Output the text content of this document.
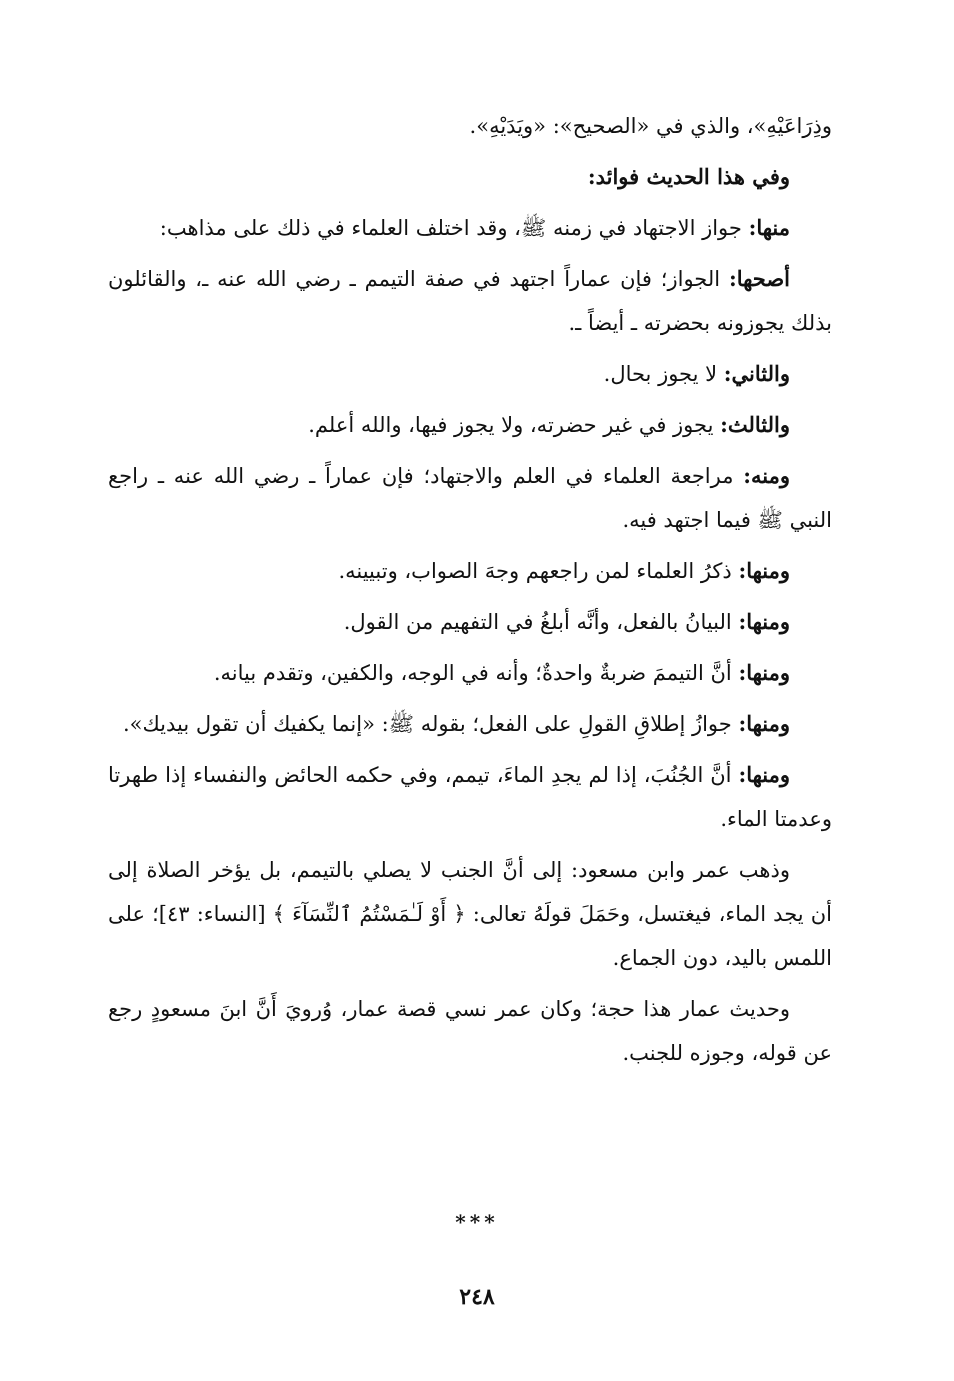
وذِرَاعَيْهِ»، والذي في «الصحيح»: «ويَدَيْهِ».

وفي هذا الحديث فوائد:

منها: جواز الاجتهاد في زمنه ﷺ، وقد اختلف العلماء في ذلك على مذاهب:

أصحها: الجواز؛ فإن عماراً اجتهد في صفة التيمم ـ رضي الله عنه ـ، والقائلون بذلك يجوزونه بحضرته ـ أيضاً ـ.

والثاني: لا يجوز بحال.

والثالث: يجوز في غير حضرته، ولا يجوز فيها، والله أعلم.

ومنه: مراجعة العلماء في العلم والاجتهاد؛ فإن عماراً ـ رضي الله عنه ـ راجع النبي ﷺ فيما اجتهد فيه.

ومنها: ذكرُ العلماء لمن راجعهم وجهَ الصواب، وتبيينه.

ومنها: البيانُ بالفعل، وأنَّه أبلغُ في التفهيم من القول.

ومنها: أنَّ التيممَ ضربةٌ واحدةٌ؛ وأنه في الوجه، والكفين، وتقدم بيانه.

ومنها: جوازُ إطلاقِ القولِ على الفعل؛ بقوله ﷺ: «إنما يكفيك أن تقول بيديك».

ومنها: أنَّ الجُنُبَ، إذا لم يجدِ الماءَ، تيمم، وفي حكمه الحائض والنفساء إذا طهرتا وعدمتا الماء.

وذهب عمر وابن مسعود: إلى أنَّ الجنب لا يصلي بالتيمم، بل يؤخر الصلاة إلى أن يجد الماء، فيغتسل، وحَمَلَ قولَهُ تعالى: ﴿ أَوْ لَـٰمَسْتُمُ ٱلنِّسَآءَ ﴾ [النساء: ٤٣]؛ على اللمس باليد، دون الجماع.

وحديث عمار هذا حجة؛ وكان عمر نسي قصة عمار، وُرويَ أَنَّ ابنَ مسعودٍ رجع عن قوله، وجوزه للجنب.

***
٢٤٨
